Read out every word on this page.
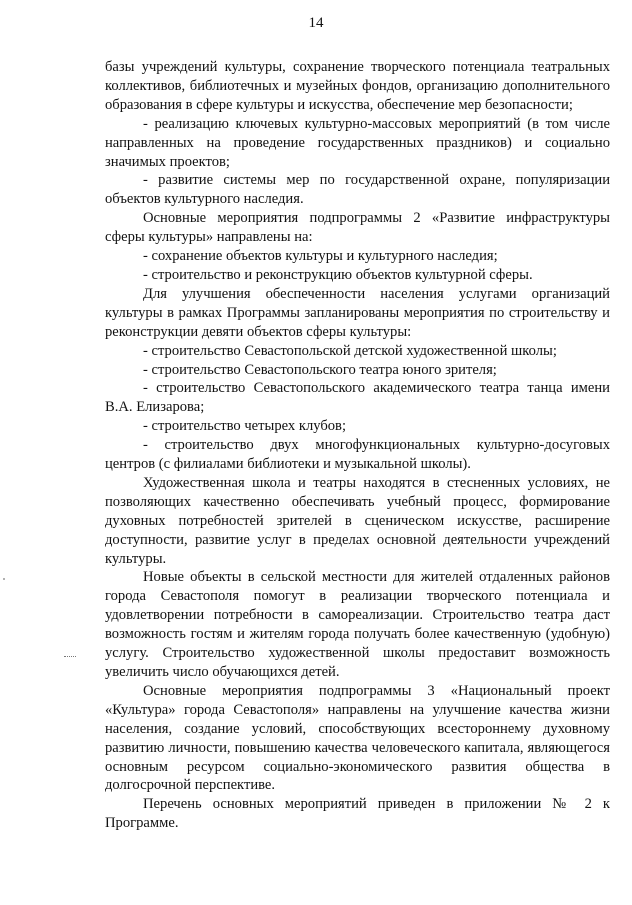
14

базы учреждений культуры, сохранение творческого потенциала театральных коллективов, библиотечных и музейных фондов, организацию дополнительного образования в сфере культуры и искусства, обеспечение мер безопасности;

- реализацию ключевых культурно-массовых мероприятий (в том числе направленных на проведение государственных праздников) и социально значимых проектов;

- развитие системы мер по государственной охране, популяризации объектов культурного наследия.

Основные мероприятия подпрограммы 2 «Развитие инфраструктуры сферы культуры» направлены на:

- сохранение объектов культуры и культурного наследия;

- строительство и реконструкцию объектов культурной сферы.

Для улучшения обеспеченности населения услугами организаций культуры в рамках Программы запланированы мероприятия по строительству и реконструкции девяти объектов сферы культуры:

- строительство Севастопольской детской художественной школы;

- строительство Севастопольского театра юного зрителя;

- строительство Севастопольского академического театра танца имени В.А. Елизарова;

- строительство четырех клубов;

- строительство двух многофункциональных культурно-досуговых центров (с филиалами библиотеки и музыкальной школы).

Художественная школа и театры находятся в стесненных условиях, не позволяющих качественно обеспечивать учебный процесс, формирование духовных потребностей зрителей в сценическом искусстве, расширение доступности, развитие услуг в пределах основной деятельности учреждений культуры.

Новые объекты в сельской местности для жителей отдаленных районов города Севастополя помогут в реализации творческого потенциала и удовлетворении потребности в самореализации. Строительство театра даст возможность гостям и жителям города получать более качественную (удобную) услугу. Строительство художественной школы предоставит возможность увеличить число обучающихся детей.

Основные мероприятия подпрограммы 3 «Национальный проект «Культура» города Севастополя» направлены на улучшение качества жизни населения, создание условий, способствующих всестороннему духовному развитию личности, повышению качества человеческого капитала, являющегося основным ресурсом социально-экономического развития общества в долгосрочной перспективе.

Перечень основных мероприятий приведен в приложении № 2 к Программе.
